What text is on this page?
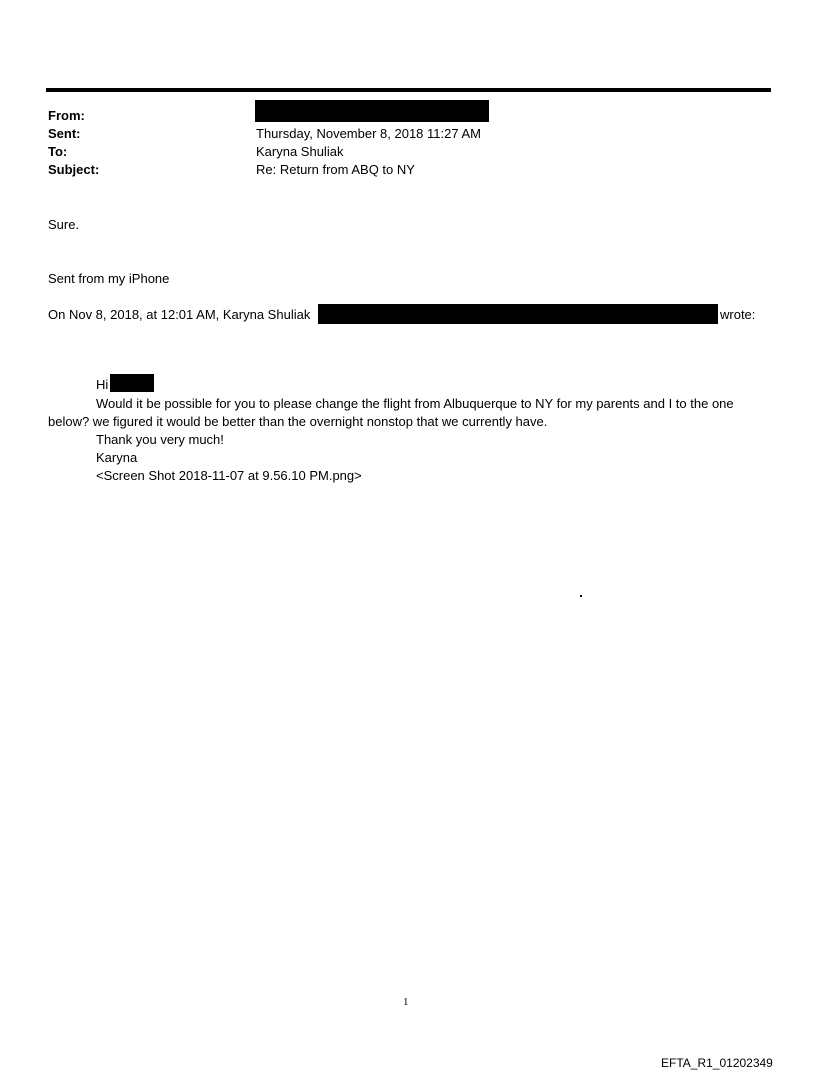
From:
Sent:
To:
Subject:
Thursday, November 8, 2018 11:27 AM
Karyna Shuliak
Re: Return from ABQ to NY
Sure.
Sent from my iPhone
On Nov 8, 2018, at 12:01 AM, Karyna Shuliak	wrote:
Hi
Would it be possible for you to please change the flight from Albuquerque to NY for my parents and I to the one below? we figured it would be better than the overnight nonstop that we currently have.
Thank you very much!
Karyna
<Screen Shot 2018-11-07 at 9.56.10 PM.png>
1
EFTA_R1_01202349
